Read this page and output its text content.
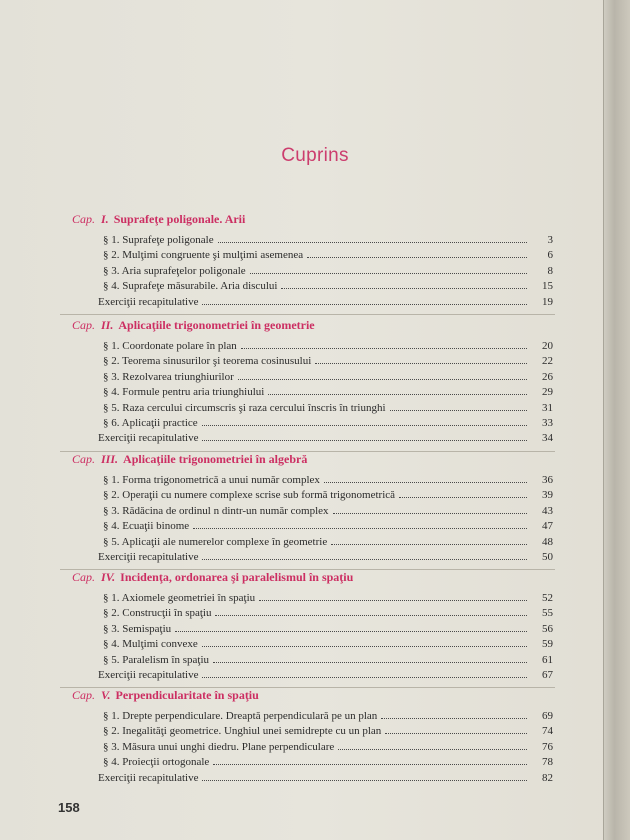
Cuprins
Cap. I. Suprafeţe poligonale. Arii
§ 1. Suprafeţe poligonale	3
§ 2. Mulţimi congruente şi mulţimi asemenea	6
§ 3. Aria suprafeţelor poligonale	8
§ 4. Suprafeţe măsurabile. Aria discului	15
Exerciţii recapitulative	19
Cap. II. Aplicaţiile trigonometriei în geometrie
§ 1. Coordonate polare în plan	20
§ 2. Teorema sinusurilor şi teorema cosinusului	22
§ 3. Rezolvarea triunghiurilor	26
§ 4. Formule pentru aria triunghiului	29
§ 5. Raza cercului circumscris şi raza cercului înscris în triunghi	31
§ 6. Aplicaţii practice	33
Exerciţii recapitulative	34
Cap. III. Aplicaţiile trigonometriei în algebră
§ 1. Forma trigonometrică a unui număr complex	36
§ 2. Operaţii cu numere complexe scrise sub formă trigonometrică	39
§ 3. Rădăcina de ordinul n dintr-un număr complex	43
§ 4. Ecuaţii binome	47
§ 5. Aplicaţii ale numerelor complexe în geometrie	48
Exerciţii recapitulative	50
Cap. IV. Incidenţa, ordonarea şi paralelismul în spaţiu
§ 1. Axiomele geometriei în spaţiu	52
§ 2. Construcţii în spaţiu	55
§ 3. Semispaţiu	56
§ 4. Mulţimi convexe	59
§ 5. Paralelism în spaţiu	61
Exerciţii recapitulative	67
Cap. V. Perpendicularitate în spaţiu
§ 1. Drepte perpendiculare. Dreaptă perpendiculară pe un plan	69
§ 2. Inegalităţi geometrice. Unghiul unei semidrepte cu un plan	74
§ 3. Măsura unui unghi diedru. Plane perpendiculare	76
§ 4. Proiecţii ortogonale	78
Exerciţii recapitulative	82
158
